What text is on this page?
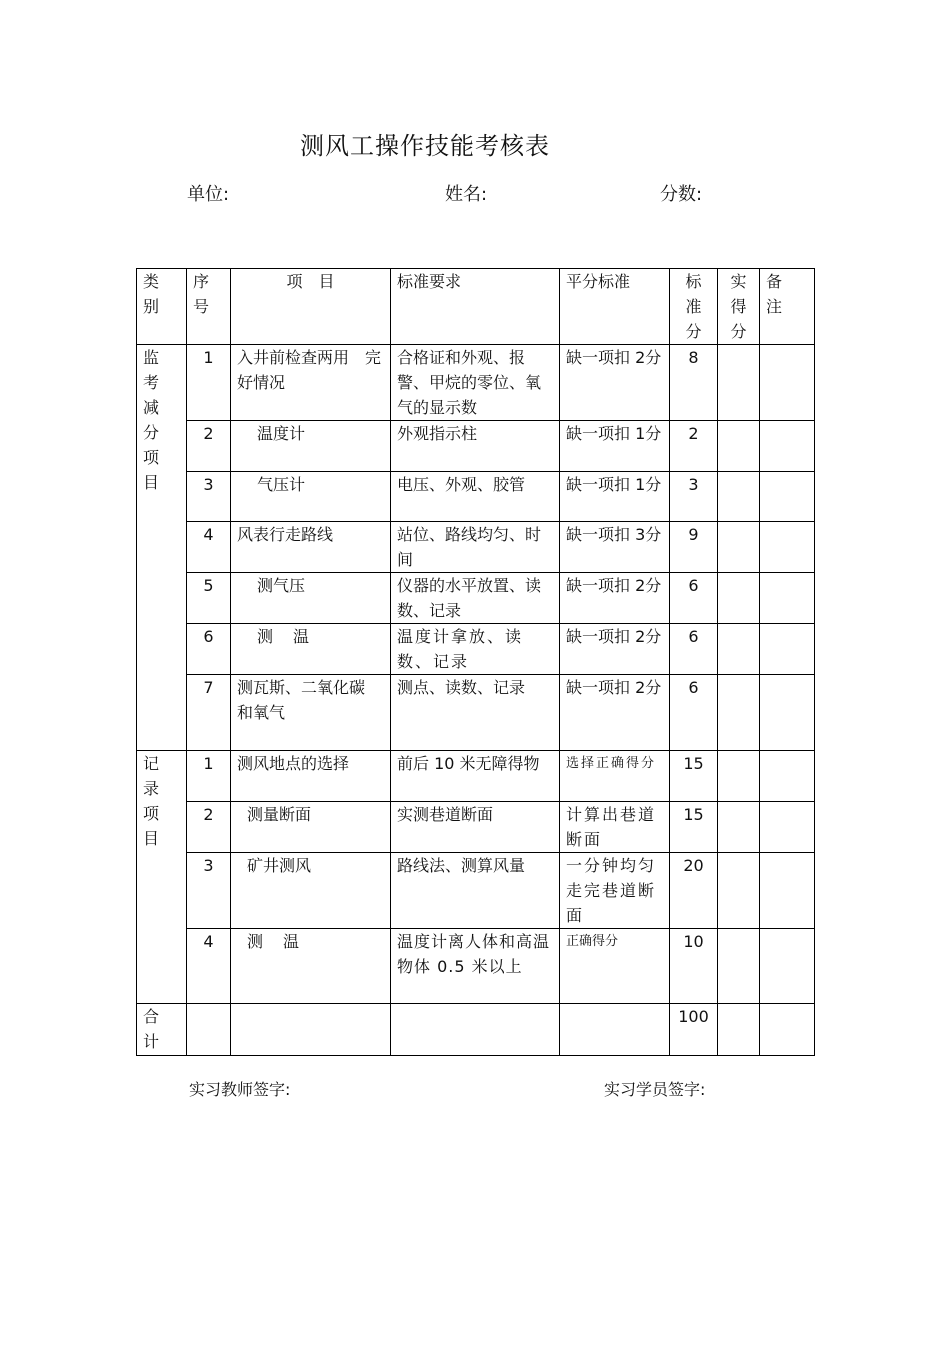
测风工操作技能考核表
单位:	姓名:	分数:
类别	序号	项　目	标准要求	平分标准	标准分	实得分	备注

监考减分项目	1	入井前检查两用　完好情况	合格证和外观、报警、甲烷的零位、氧气的显示数	缺一项扣 2分	8		
	2	温度计	外观指示柱	缺一项扣 1分	2		
	3	气压计	电压、外观、胶管	缺一项扣 1分	3		
	4	风表行走路线	站位、路线均匀、时间	缺一项扣 3分	9		
	5	测气压	仪器的水平放置、读数、记录	缺一项扣 2分	6		
	6	测　温	温度计拿放、读数、记录	缺一项扣 2分	6		
	7	测瓦斯、二氧化碳和氧气	测点、读数、记录	缺一项扣 2分	6		

记录项目	1	测风地点的选择	前后 10 米无障得物	选择正确得分	15		
	2	测量断面	实测巷道断面	计算出巷道断面	15		
	3	矿井测风	路线法、测算风量	一分钟均匀走完巷道断面	20		
	4	测　温	温度计离人体和高温物体 0.5 米以上	正确得分	10		

合计					100		
实习教师签字:	实习学员签字:
